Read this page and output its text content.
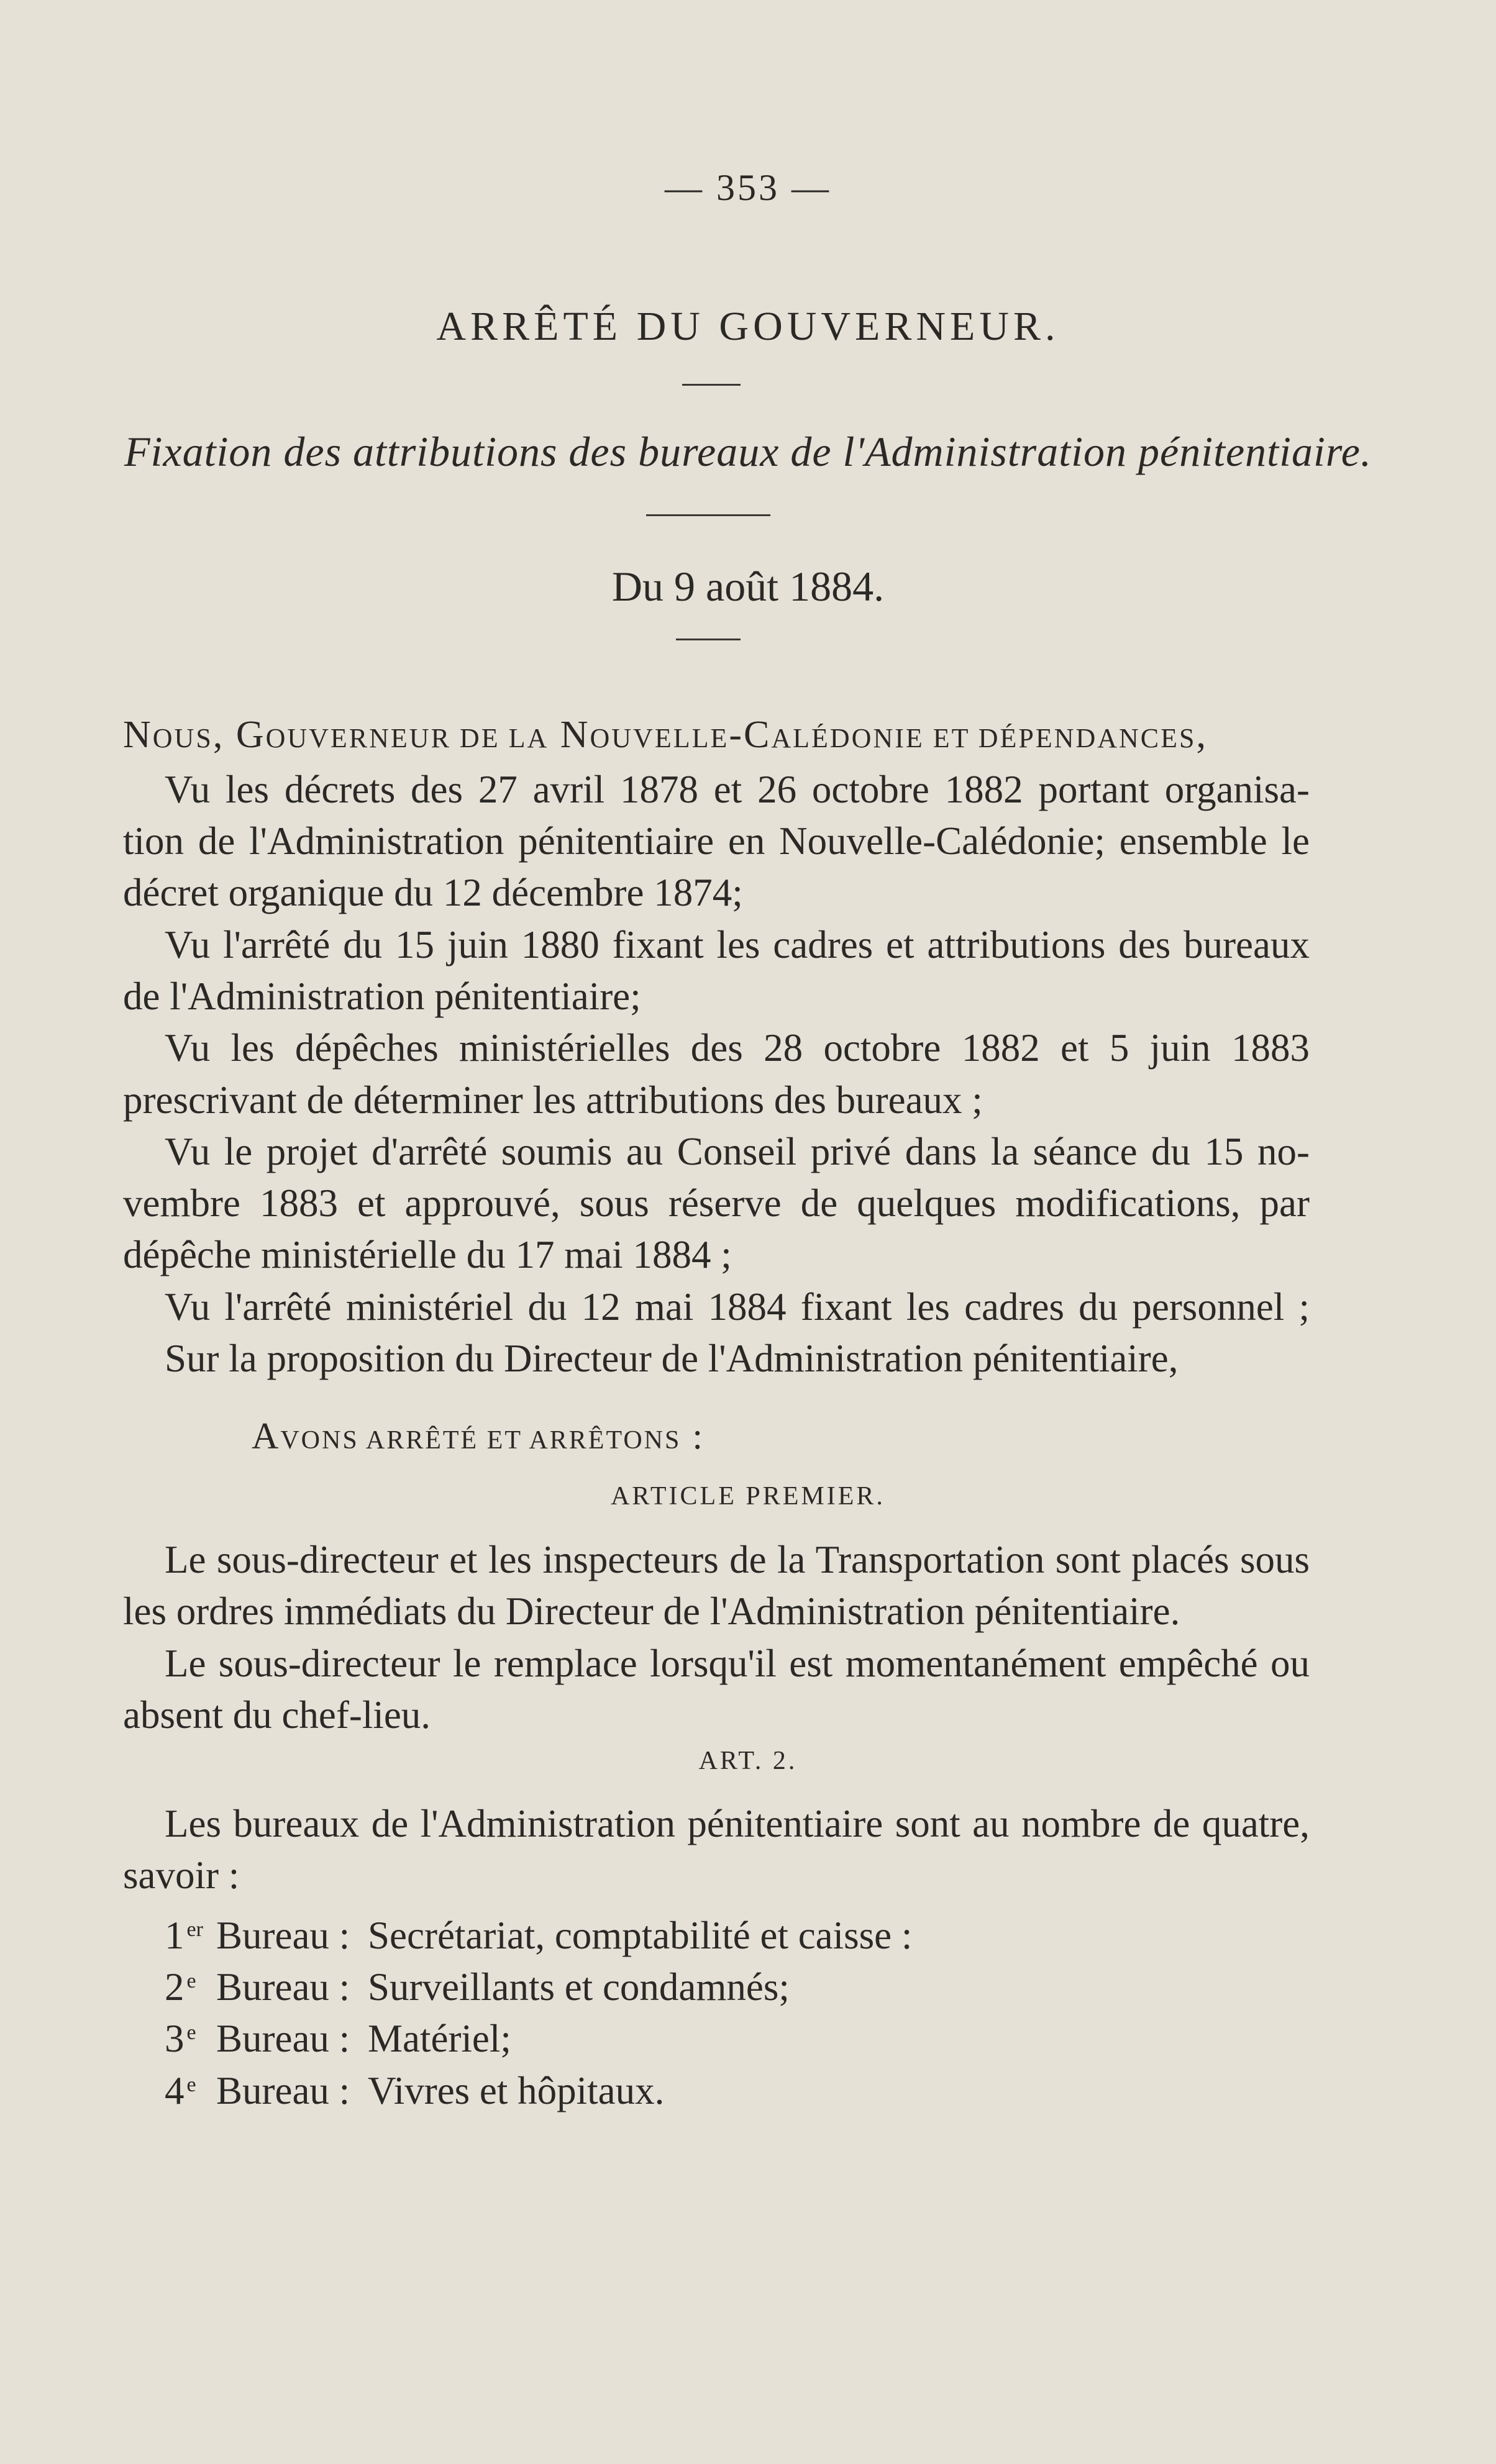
— 353 —

ARRÊTÉ DU GOUVERNEUR.

Fixation des attributions des bureaux de l'Administration pénitentiaire.

Du 9 août 1884.

NOUS, GOUVERNEUR DE LA NOUVELLE-CALÉDONIE ET DÉPENDANCES,

Vu les décrets des 27 avril 1878 et 26 octobre 1882 portant organisa-

tion de l'Administration pénitentiaire en Nouvelle-Calédonie; ensemble le

décret organique du 12 décembre 1874;

Vu l'arrêté du 15 juin 1880 fixant les cadres et attributions des bureaux

de l'Administration pénitentiaire;

Vu les dépêches ministérielles des 28 octobre 1882 et 5 juin 1883

prescrivant de déterminer les attributions des bureaux ;

Vu le projet d'arrêté soumis au Conseil privé dans la séance du 15 no-

vembre 1883 et approuvé, sous réserve de quelques modifications, par

dépêche ministérielle du 17 mai 1884 ;

Vu l'arrêté ministériel du 12 mai 1884 fixant les cadres du personnel ;

Sur la proposition du Directeur de l'Administration pénitentiaire,

AVONS ARRÊTÉ ET ARRÊTONS :

ARTICLE PREMIER.

Le sous-directeur et les inspecteurs de la Transportation sont placés sous

les ordres immédiats du Directeur de l'Administration pénitentiaire.

Le sous-directeur le remplace lorsqu'il est momentanément empêché ou

absent du chef-lieu.

ART. 2.

Les bureaux de l'Administration pénitentiaire sont au nombre de quatre,

savoir :

1 $^{er}$ Bureau : Secrétariat, comptabilité et caisse :
2 $^e$ Bureau : Surveillants et condamnés;
3 $^e$ Bureau : Matériel;
4 $^e$ Bureau : Vivres et hôpitaux.
